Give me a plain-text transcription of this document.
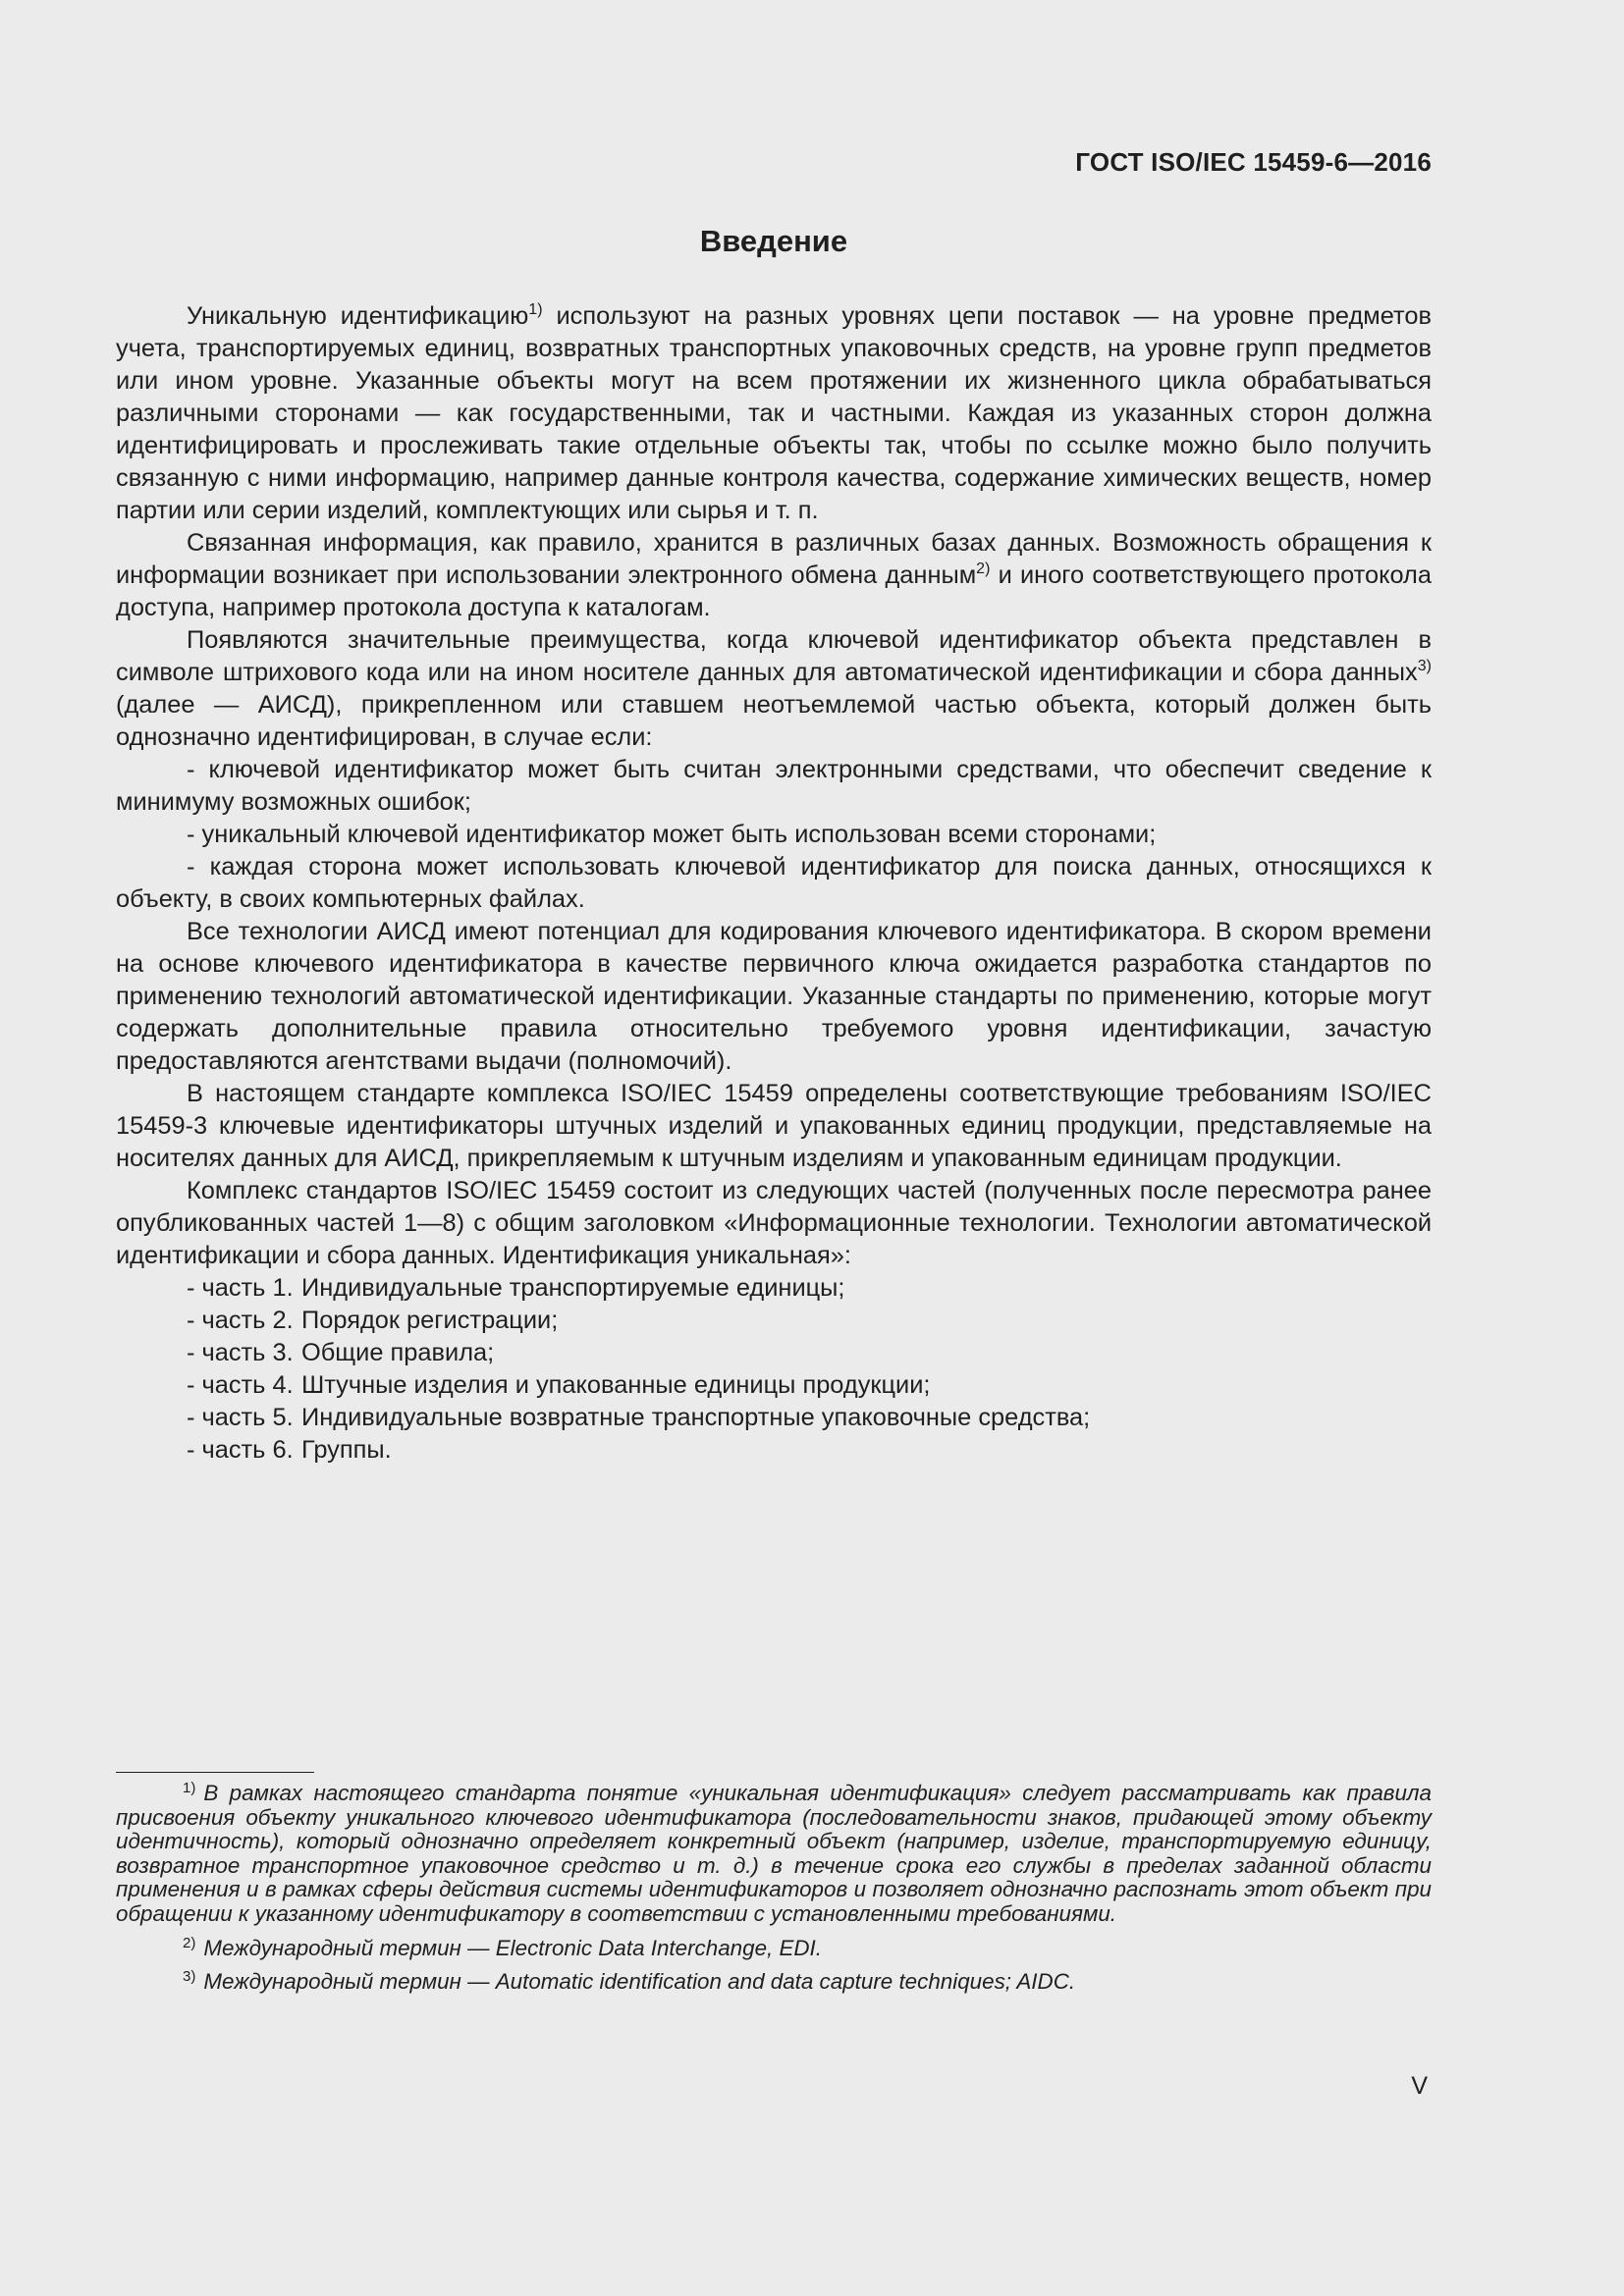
ГОСТ ISO/IEC 15459-6—2016
Введение

Уникальную идентификацию$^{1)}$ используют на разных уровнях цепи поставок — на уровне предметов учета, транспортируемых единиц, возвратных транспортных упаковочных средств, на уровне групп предметов или ином уровне. Указанные объекты могут на всем протяжении их жизненного цикла обрабатываться различными сторонами — как государственными, так и частными. Каждая из указанных сторон должна идентифицировать и прослеживать такие отдельные объекты так, чтобы по ссылке можно было получить связанную с ними информацию, например данные контроля качества, содержание химических веществ, номер партии или серии изделий, комплектующих или сырья и т. п.

Связанная информация, как правило, хранится в различных базах данных. Возможность обращения к информации возникает при использовании электронного обмена данным$^{2)}$ и иного соответствующего протокола доступа, например протокола доступа к каталогам.

Появляются значительные преимущества, когда ключевой идентификатор объекта представлен в символе штрихового кода или на ином носителе данных для автоматической идентификации и сбора данных$^{3)}$ (далее — АИСД), прикрепленном или ставшем неотъемлемой частью объекта, который должен быть однозначно идентифицирован, в случае если:

- ключевой идентификатор может быть считан электронными средствами, что обеспечит сведение к минимуму возможных ошибок;

- уникальный ключевой идентификатор может быть использован всеми сторонами;

- каждая сторона может использовать ключевой идентификатор для поиска данных, относящихся к объекту, в своих компьютерных файлах.

Все технологии АИСД имеют потенциал для кодирования ключевого идентификатора. В скором времени на основе ключевого идентификатора в качестве первичного ключа ожидается разработка стандартов по применению технологий автоматической идентификации. Указанные стандарты по применению, которые могут содержать дополнительные правила относительно требуемого уровня идентификации, зачастую предоставляются агентствами выдачи (полномочий).

В настоящем стандарте комплекса ISO/IEC 15459 определены соответствующие требованиям ISO/IEC 15459-3 ключевые идентификаторы штучных изделий и упакованных единиц продукции, представляемые на носителях данных для АИСД, прикрепляемым к штучным изделиям и упакованным единицам продукции.

Комплекс стандартов ISO/IEC 15459 состоит из следующих частей (полученных после пересмотра ранее опубликованных частей 1—8) с общим заголовком «Информационные технологии. Технологии автоматической идентификации и сбора данных. Идентификация уникальная»:

- часть 1. Индивидуальные транспортируемые единицы;
- часть 2. Порядок регистрации;
- часть 3. Общие правила;
- часть 4. Штучные изделия и упакованные единицы продукции;
- часть 5. Индивидуальные возвратные транспортные упаковочные средства;
- часть 6. Группы.

$^{1)}$ В рамках настоящего стандарта понятие «уникальная идентификация» следует рассматривать как правила присвоения объекту уникального ключевого идентификатора (последовательности знаков, придающей этому объекту идентичность), который однозначно определяет конкретный объект (например, изделие, транспортируемую единицу, возвратное транспортное упаковочное средство и т. д.) в течение срока его службы в пределах заданной области применения и в рамках сферы действия системы идентификаторов и позволяет однозначно распознать этот объект при обращении к указанному идентификатору в соответствии с установленными требованиями.

$^{2)}$ Международный термин — Electronic Data Interchange, EDI.

$^{3)}$ Международный термин — Automatic identification and data capture techniques; AIDC.

V
